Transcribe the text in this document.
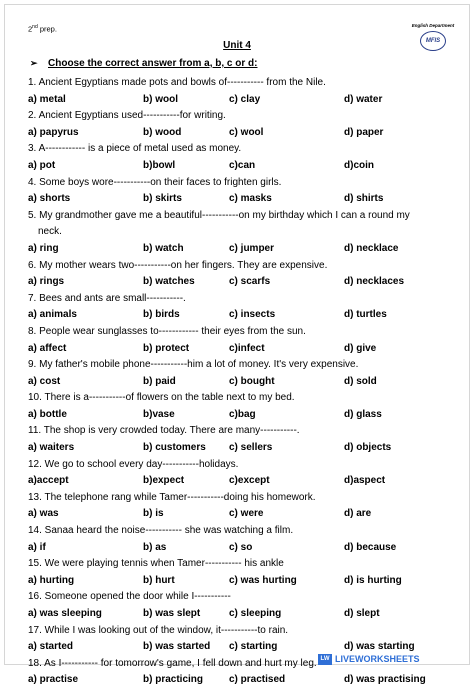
2nd prep.	English Department
MFIS
Unit 4
➢ Choose the correct answer from a, b, c or d:
1. Ancient Egyptians made pots and bowls of----------- from the Nile.
a) metal	b) wool	c) clay	d) water
2. Ancient Egyptians used-----------for writing.
a) papyrus	b) wood	c) wool	d) paper
3. A------------ is a piece of metal used as money.
a) pot	b)bowl	c)can	d)coin
4. Some boys wore-----------on their faces to frighten girls.
a) shorts	b) skirts	c) masks	d) shirts
5. My grandmother gave me a beautiful-----------on my birthday which I can a round my
neck.
a) ring	b) watch	c) jumper	d) necklace
6. My mother wears two-----------on her fingers. They are expensive.
a) rings	b) watches	c) scarfs	d) necklaces
7. Bees and ants are small-----------.
a) animals	b) birds	c) insects	d) turtles
8. People wear sunglasses to------------ their eyes from the sun.
a) affect	b) protect	c)infect	d) give
9. My father's mobile phone-----------him a lot of money. It's very expensive.
a) cost	b) paid	c) bought	d) sold
10. There is a-----------of flowers on the table next to my bed.
a) bottle	b)vase	c)bag	d) glass
11. The shop is very crowded today. There are many-----------.
a) waiters	b) customers c) sellers	d) objects
12. We go to school every day-----------holidays.
a)accept	b)expect	c)except	d)aspect
13. The telephone rang while Tamer-----------doing his homework.
a) was	b) is	c) were	d) are
14. Sanaa heard the noise----------- she was watching a film.
a) if	b) as	c) so	d) because
15. We were playing tennis when Tamer----------- his ankle
a) hurting	b) hurt	c) was hurting	d) is hurting
16. Someone opened the door while I-----------
a) was sleeping	b) was slept	c) sleeping	d) slept
17. While I was looking out of the window, it-----------to rain.
a) started	b) was started c) starting	d) was starting
18. As I----------- for tomorrow's game, I fell down and hurt my leg.
a) practise	b) practicing	c) practised	d) was practising
LW LIVEWORKSHEETS
